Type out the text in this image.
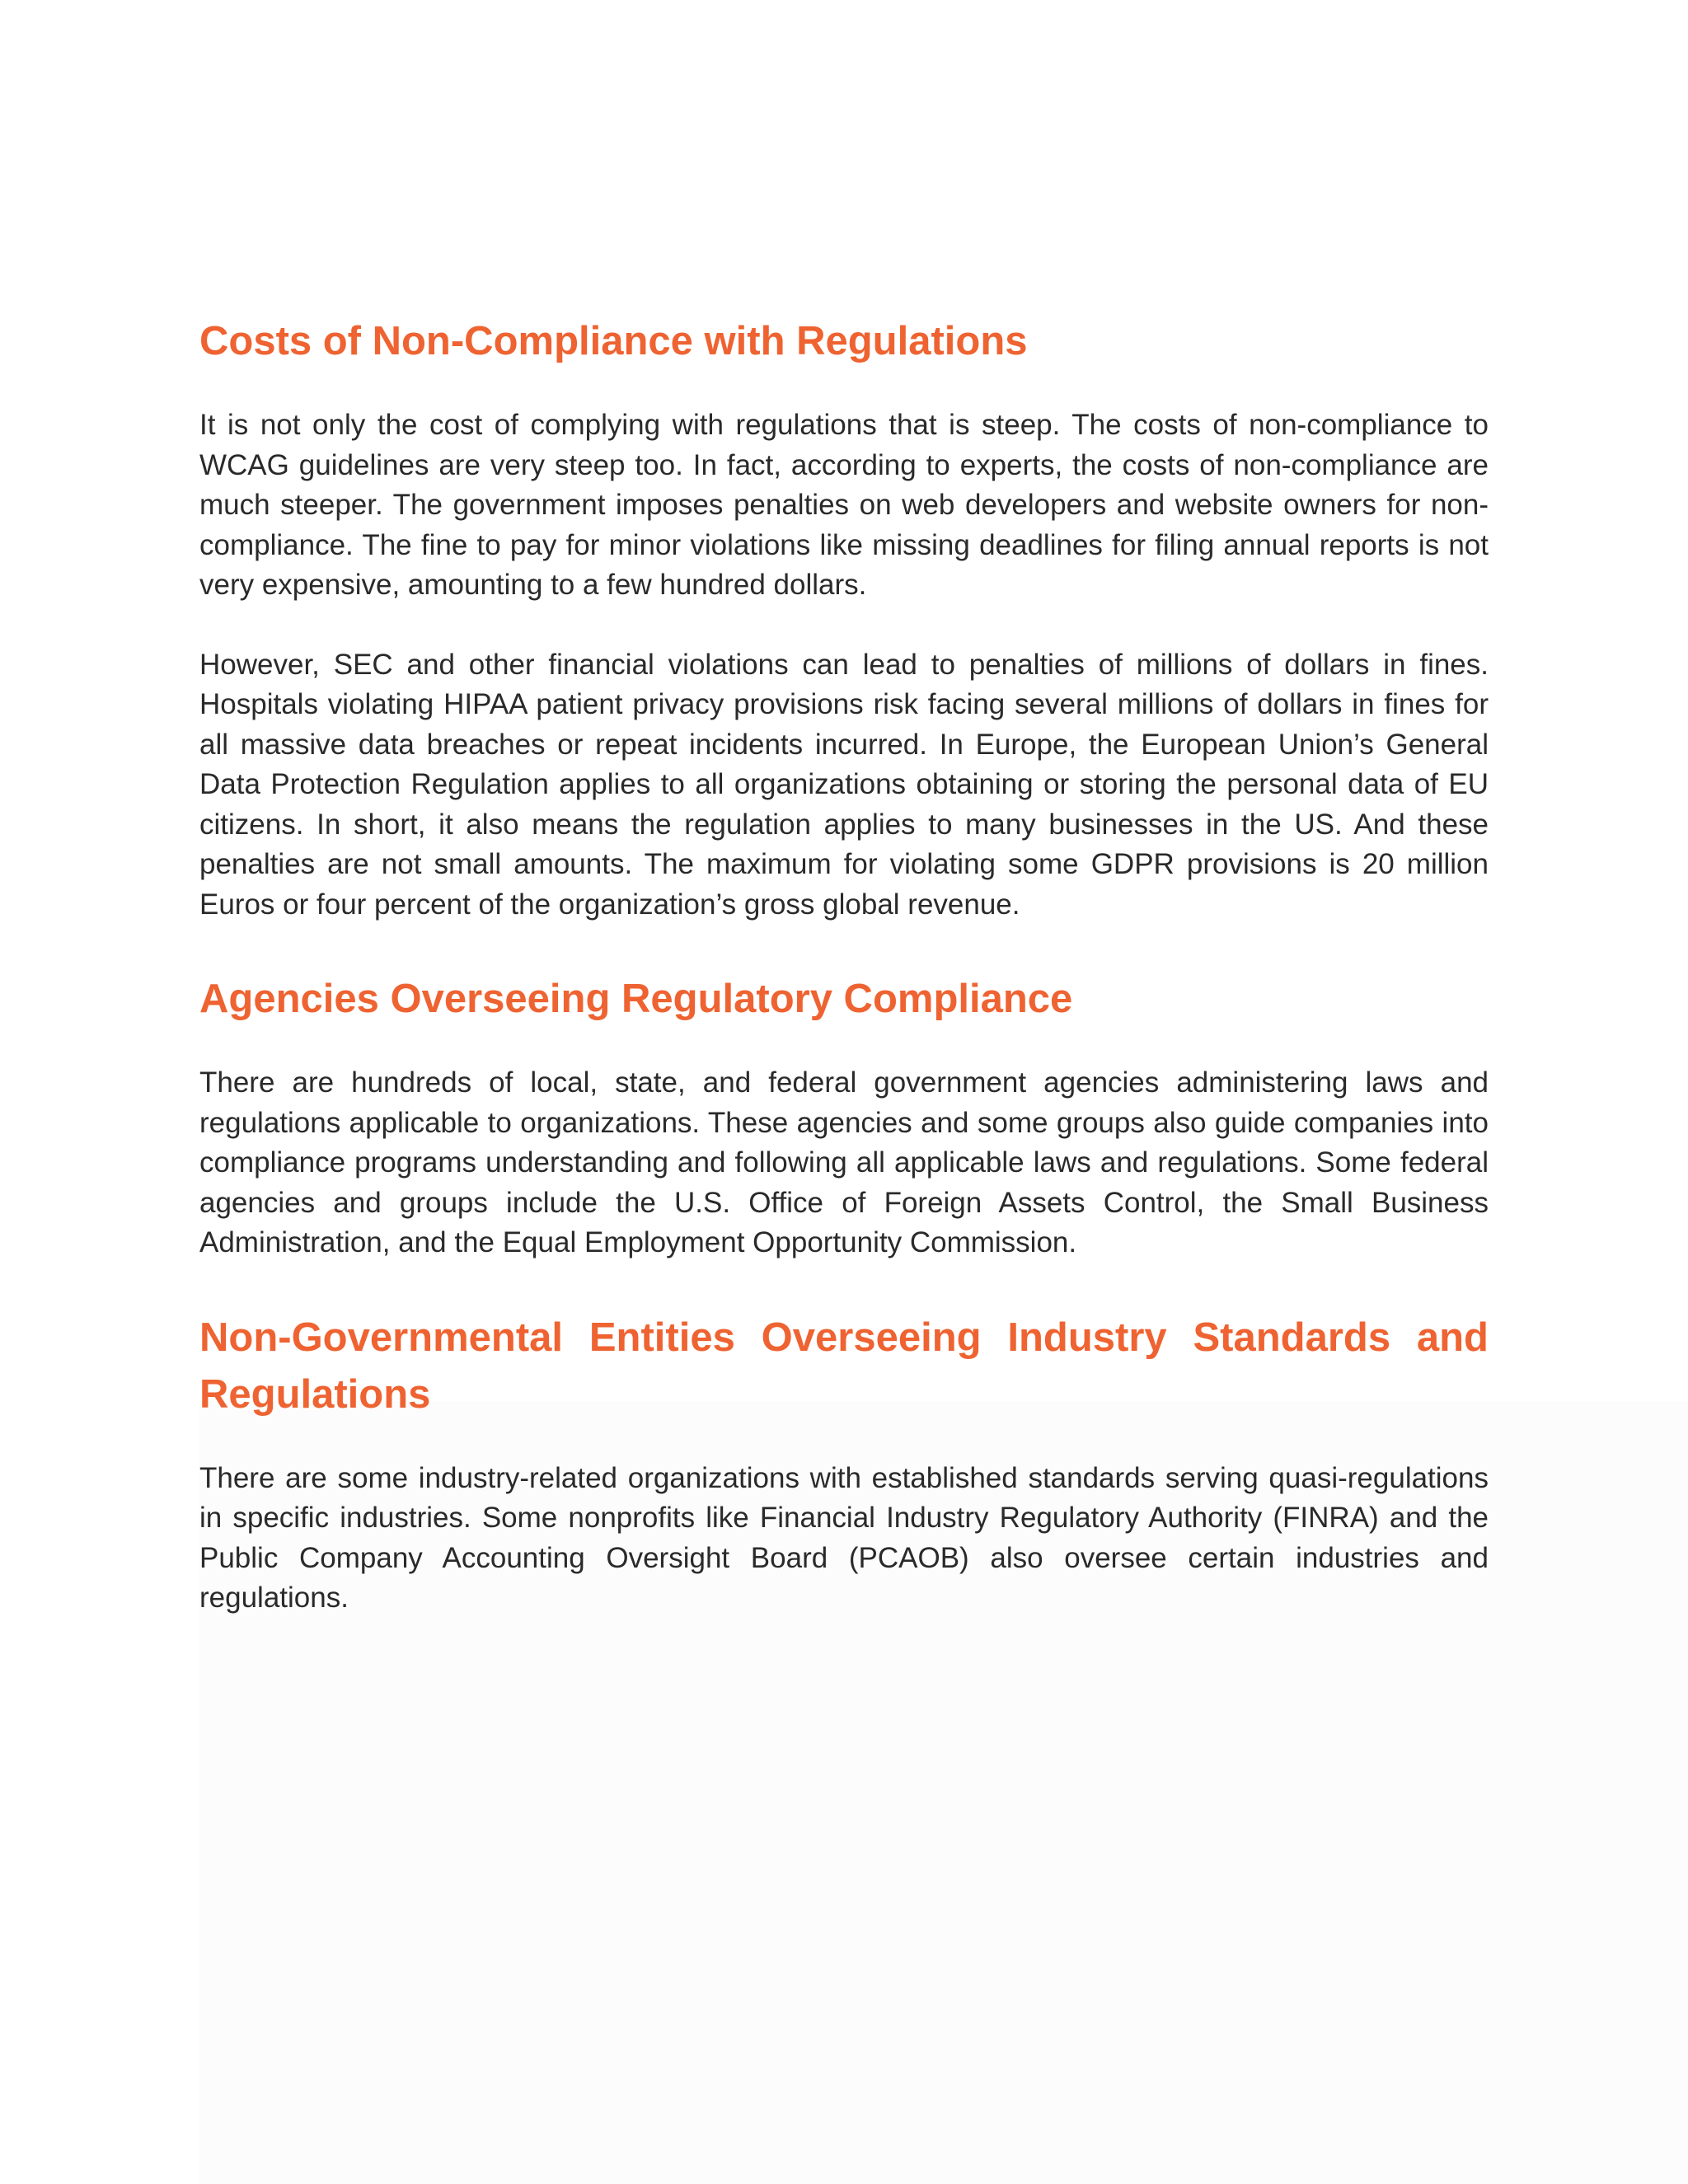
Costs of Non-Compliance with Regulations

It is not only the cost of complying with regulations that is steep. The costs of non-compliance to WCAG guidelines are very steep too. In fact, according to experts, the costs of non-compliance are much steeper. The government imposes penalties on web developers and website owners for non-compliance. The fine to pay for minor violations like missing deadlines for filing annual reports is not very expensive, amounting to a few hundred dollars.

However, SEC and other financial violations can lead to penalties of millions of dollars in fines. Hospitals violating HIPAA patient privacy provisions risk facing several millions of dollars in fines for all massive data breaches or repeat incidents incurred. In Europe, the European Union’s General Data Protection Regulation applies to all organizations obtaining or storing the personal data of EU citizens. In short, it also means the regulation applies to many businesses in the US. And these penalties are not small amounts. The maximum for violating some GDPR provisions is 20 million Euros or four percent of the organization’s gross global revenue.

Agencies Overseeing Regulatory Compliance

There are hundreds of local, state, and federal government agencies administering laws and regulations applicable to organizations. These agencies and some groups also guide companies into compliance programs understanding and following all applicable laws and regulations. Some federal agencies and groups include the U.S. Office of Foreign Assets Control, the Small Business Administration, and the Equal Employment Opportunity Commission.

Non-Governmental Entities Overseeing Industry Standards and Regulations

There are some industry-related organizations with established standards serving quasi-regulations in specific industries. Some nonprofits like Financial Industry Regulatory Authority (FINRA) and the Public Company Accounting Oversight Board (PCAOB) also oversee certain industries and regulations.
